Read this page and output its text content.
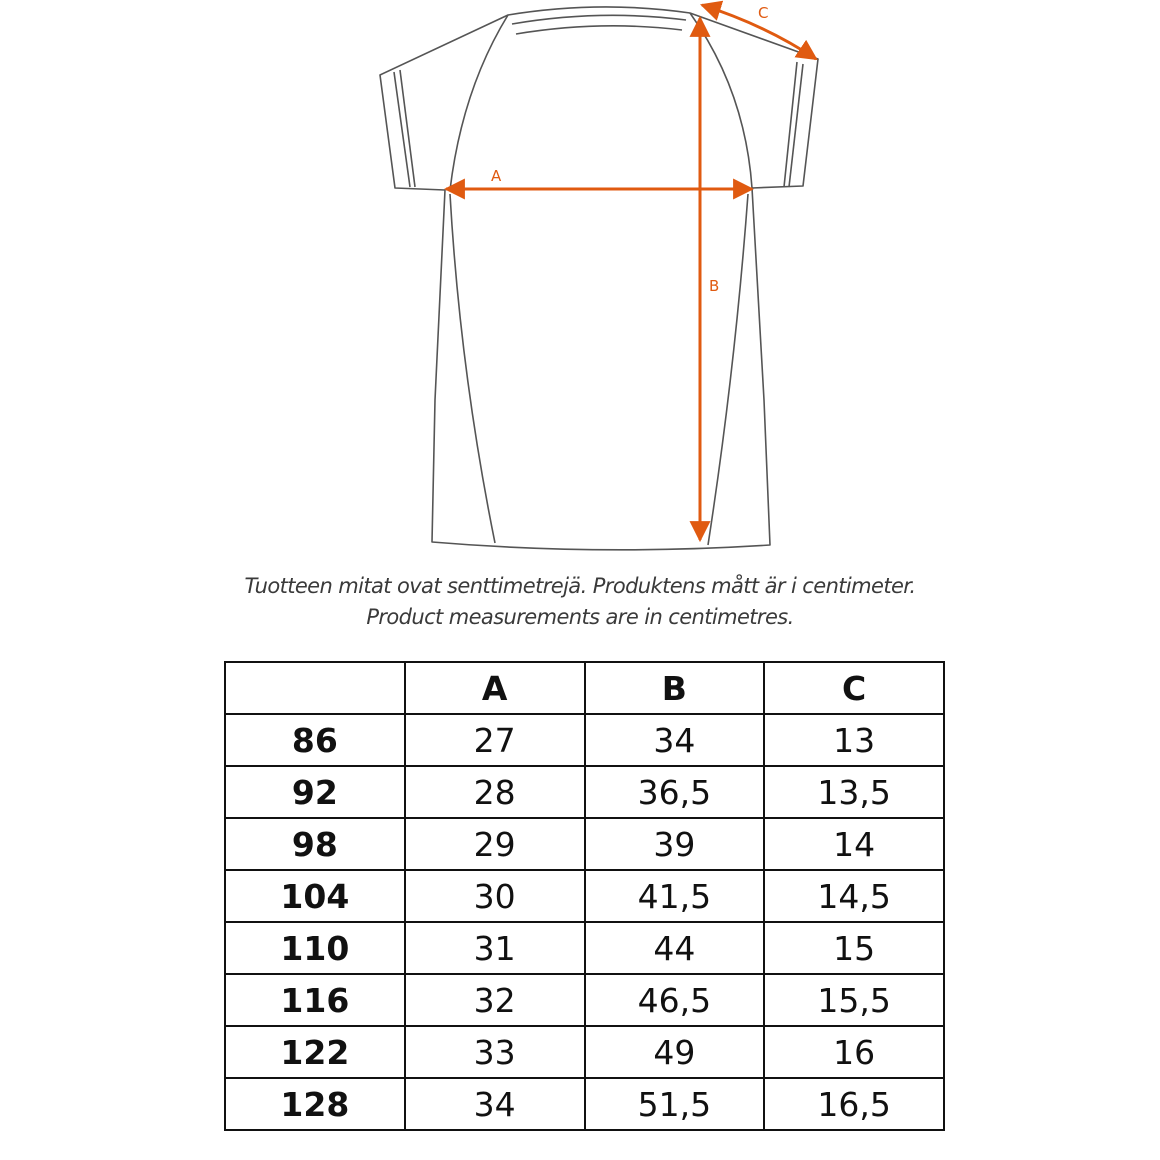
A
B
C
Tuotteen mitat ovat senttimetrejä. Produktens mått är i centimeter.
Product measurements are in centimetres.
	A	B	C
86	27	34	13
92	28	36,5	13,5
98	29	39	14
104	30	41,5	14,5
110	31	44	15
116	32	46,5	15,5
122	33	49	16
128	34	51,5	16,5
